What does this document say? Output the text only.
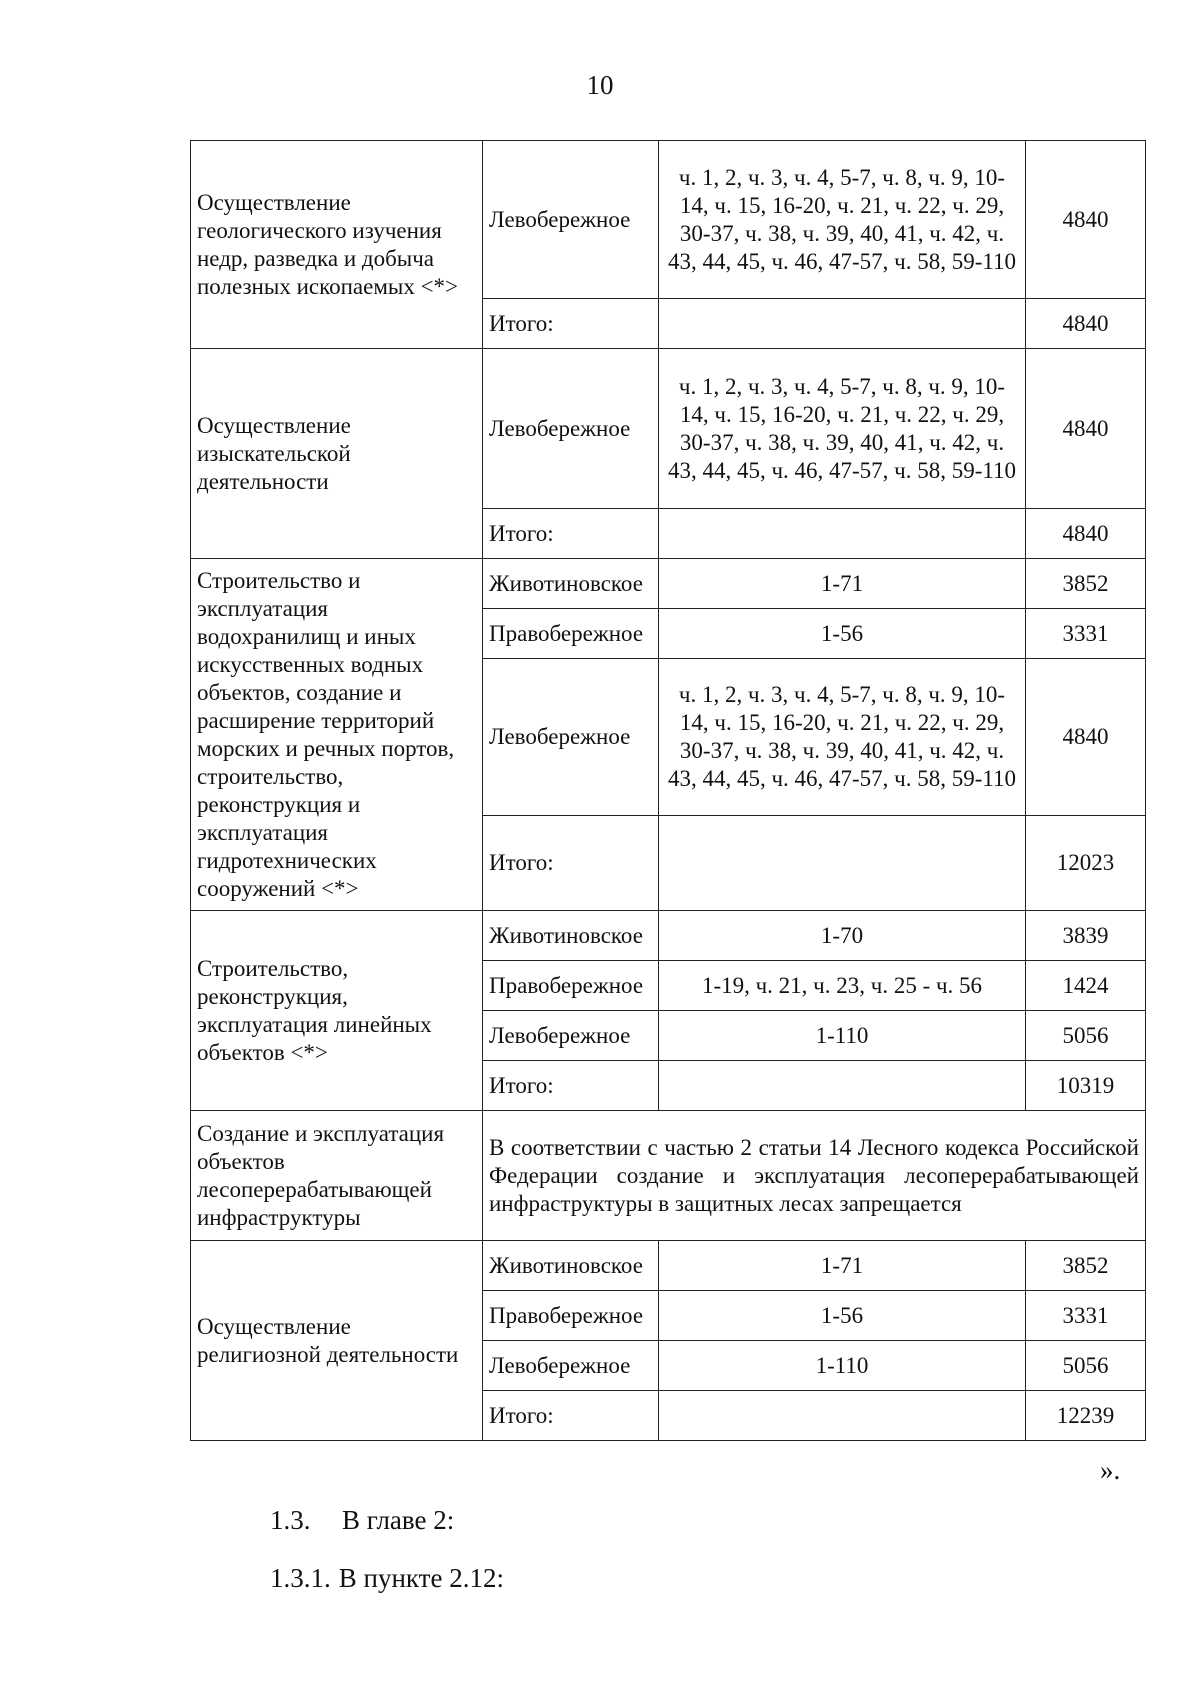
10
Осуществление геологического изучения недр, разведка и добыча полезных ископаемых <*>	Левобережное	ч. 1, 2, ч. 3, ч. 4, 5-7, ч. 8, ч. 9, 10-14, ч. 15, 16-20, ч. 21, ч. 22, ч. 29, 30-37, ч. 38, ч. 39, 40, 41, ч. 42, ч. 43, 44, 45, ч. 46, 47-57, ч. 58, 59-110	4840
	Итого:		4840
Осуществление изыскательской деятельности	Левобережное	ч. 1, 2, ч. 3, ч. 4, 5-7, ч. 8, ч. 9, 10-14, ч. 15, 16-20, ч. 21, ч. 22, ч. 29, 30-37, ч. 38, ч. 39, 40, 41, ч. 42, ч. 43, 44, 45, ч. 46, 47-57, ч. 58, 59-110	4840
	Итого:		4840
Строительство и эксплуатация водохранилищ и иных искусственных водных объектов, создание и расширение территорий морских и речных портов, строительство, реконструкция и эксплуатация гидротехнических сооружений <*>	Животиновское	1-71	3852
	Правобережное	1-56	3331
	Левобережное	ч. 1, 2, ч. 3, ч. 4, 5-7, ч. 8, ч. 9, 10-14, ч. 15, 16-20, ч. 21, ч. 22, ч. 29, 30-37, ч. 38, ч. 39, 40, 41, ч. 42, ч. 43, 44, 45, ч. 46, 47-57, ч. 58, 59-110	4840
	Итого:		12023
Строительство, реконструкция, эксплуатация линейных объектов <*>	Животиновское	1-70	3839
	Правобережное	1-19, ч. 21, ч. 23, ч. 25 - ч. 56	1424
	Левобережное	1-110	5056
	Итого:		10319
Создание и эксплуатация объектов лесоперерабатывающей инфраструктуры	В соответствии с частью 2 статьи 14 Лесного кодекса Российской Федерации создание и эксплуатация лесоперерабатывающей инфраструктуры в защитных лесах запрещается		
Осуществление религиозной деятельности	Животиновское	1-71	3852
	Правобережное	1-56	3331
	Левобережное	1-110	5056
	Итого:		12239
».
1.3. В главе 2:
1.3.1. В пункте 2.12:
